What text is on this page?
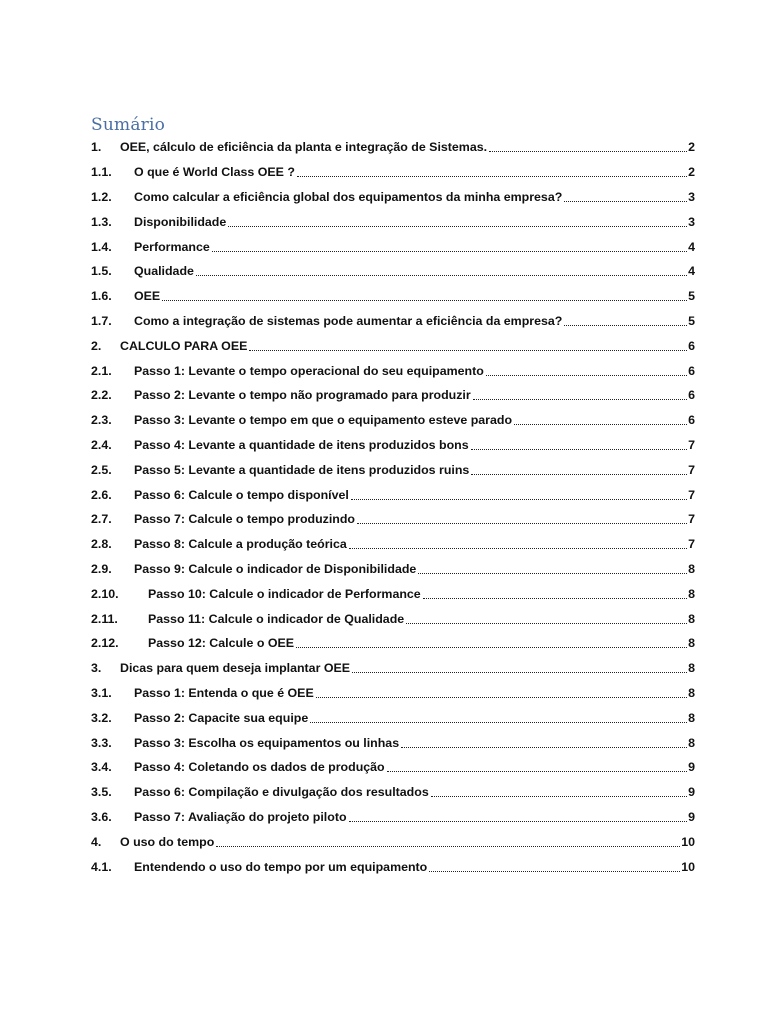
Sumário
1.	OEE, cálculo de eficiência da planta e integração de Sistemas.	2
1.1.	O que é World Class OEE ?	2
1.2.	Como calcular a eficiência global dos equipamentos da minha empresa?	3
1.3.	Disponibilidade	3
1.4.	Performance	4
1.5.	Qualidade	4
1.6.	OEE	5
1.7.	Como a integração de sistemas pode aumentar a eficiência da empresa?	5
2.	CALCULO PARA OEE	6
2.1.	Passo 1: Levante o tempo operacional do seu equipamento	6
2.2.	Passo 2: Levante o tempo não programado para produzir	6
2.3.	Passo 3: Levante o tempo em que o equipamento esteve parado	6
2.4.	Passo 4: Levante a quantidade de itens produzidos bons	7
2.5.	Passo 5: Levante a quantidade de itens produzidos ruins	7
2.6.	Passo 6: Calcule o tempo disponível	7
2.7.	Passo 7: Calcule o tempo produzindo	7
2.8.	Passo 8: Calcule a produção teórica	7
2.9.	Passo 9: Calcule o indicador de Disponibilidade	8
2.10.	Passo 10: Calcule o indicador de Performance	8
2.11.	Passo 11: Calcule o indicador de Qualidade	8
2.12.	Passo 12: Calcule o OEE	8
3.	Dicas para quem deseja implantar OEE	8
3.1.	Passo 1: Entenda o que é OEE	8
3.2.	Passo 2: Capacite sua equipe	8
3.3.	Passo 3: Escolha os equipamentos ou linhas	8
3.4.	Passo 4: Coletando os dados de produção	9
3.5.	Passo 6: Compilação e divulgação dos resultados	9
3.6.	Passo 7: Avaliação do projeto piloto	9
4.	O uso do tempo	10
4.1.	Entendendo o uso do tempo por um equipamento	10
